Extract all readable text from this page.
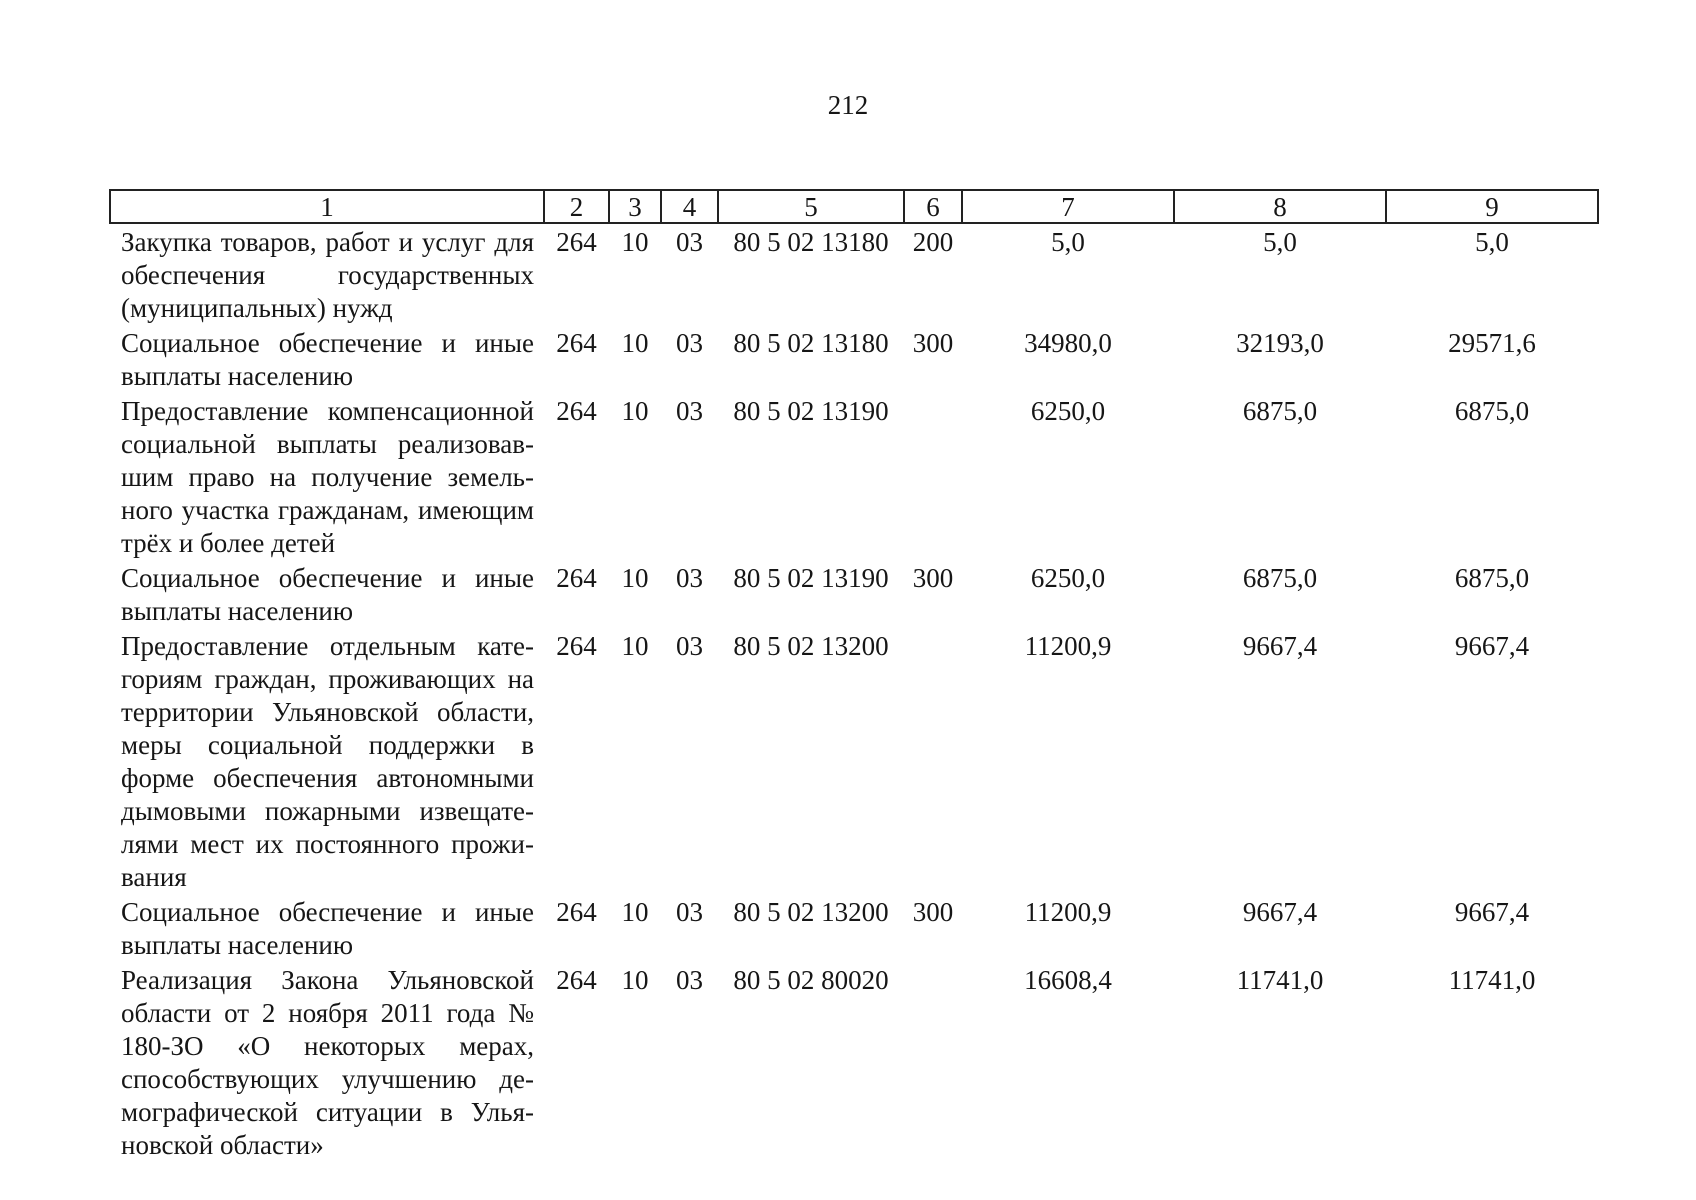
212
1	2	3	4	5	6	7	8	9
Закупка товаров, работ и услуг для обеспечения государственных (муниципальных) нужд	264	10	03	80 5 02 13180	200	5,0	5,0	5,0
Социальное обеспечение и иные выплаты населению	264	10	03	80 5 02 13180	300	34980,0	32193,0	29571,6
Предоставление компенсационной социальной выплаты реализовавшим право на получение земельного участка гражданам, имеющим трёх и более детей	264	10	03	80 5 02 13190		6250,0	6875,0	6875,0
Социальное обеспечение и иные выплаты населению	264	10	03	80 5 02 13190	300	6250,0	6875,0	6875,0
Предоставление отдельным категориям граждан, проживающих на территории Ульяновской области, меры социальной поддержки в форме обеспечения автономными дымовыми пожарными извещателями мест их постоянного проживания	264	10	03	80 5 02 13200		11200,9	9667,4	9667,4
Социальное обеспечение и иные выплаты населению	264	10	03	80 5 02 13200	300	11200,9	9667,4	9667,4
Реализация Закона Ульяновской области от 2 ноября 2011 года № 180-ЗО «О некоторых мерах, способствующих улучшению демографической ситуации в Ульяновской области»	264	10	03	80 5 02 80020		16608,4	11741,0	11741,0
